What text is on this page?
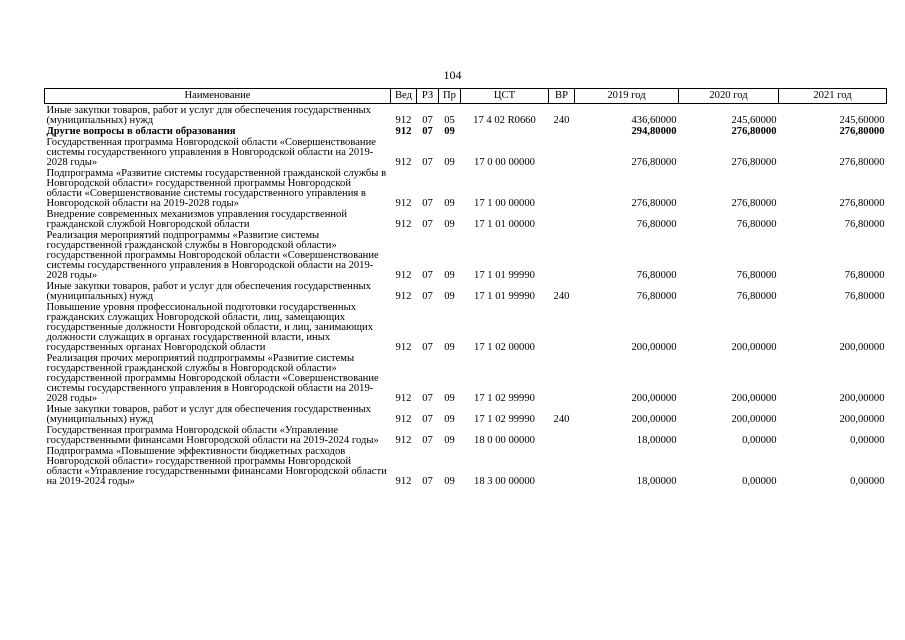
104
Наименование	Вед	РЗ	Пр	ЦСТ	ВР	2019 год	2020 год	2021 год
Иные закупки товаров, работ и услуг для обеспечения государственных (муниципальных) нужд	912	07	05	17 4 02 R0660	240	436,60000	245,60000	245,60000
Другие вопросы в области образования	912	07	09			294,80000	276,80000	276,80000
Государственная программа Новгородской области «Совершенствование системы государственного управления в Новгородской области на 2019-2028 годы»	912	07	09	17 0 00 00000		276,80000	276,80000	276,80000
Подпрограмма «Развитие системы государственной гражданской службы в Новгородской области» государственной программы Новгородской области «Совершенствование системы государственного управления в Новгородской области на 2019-2028 годы»	912	07	09	17 1 00 00000		276,80000	276,80000	276,80000
Внедрение современных механизмов управления государственной гражданской службой Новгородской области	912	07	09	17 1 01 00000		76,80000	76,80000	76,80000
Реализация мероприятий подпрограммы «Развитие системы государственной гражданской службы в Новгородской области» государственной программы Новгородской области «Совершенствование системы государственного управления в Новгородской области на 2019-2028 годы»	912	07	09	17 1 01 99990		76,80000	76,80000	76,80000
Иные закупки товаров, работ и услуг для обеспечения государственных (муниципальных) нужд	912	07	09	17 1 01 99990	240	76,80000	76,80000	76,80000
Повышение уровня профессиональной подготовки государственных гражданских служащих Новгородской области, лиц, замещающих государственные должности Новгородской области, и лиц, занимающих должности служащих в органах государственной власти, иных государственных органах Новгородской области	912	07	09	17 1 02 00000		200,00000	200,00000	200,00000
Реализация прочих мероприятий подпрограммы «Развитие системы государственной гражданской службы в Новгородской области» государственной программы Новгородской области «Совершенствование системы государственного управления в Новгородской области на 2019-2028 годы»	912	07	09	17 1 02 99990		200,00000	200,00000	200,00000
Иные закупки товаров, работ и услуг для обеспечения государственных (муниципальных) нужд	912	07	09	17 1 02 99990	240	200,00000	200,00000	200,00000
Государственная программа Новгородской области «Управление государственными финансами Новгородской области на 2019-2024 годы»	912	07	09	18 0 00 00000		18,00000	0,00000	0,00000
Подпрограмма «Повышение эффективности бюджетных расходов Новгородской области» государственной программы Новгородской области «Управление государственными финансами Новгородской области на 2019-2024 годы»	912	07	09	18 3 00 00000		18,00000	0,00000	0,00000
